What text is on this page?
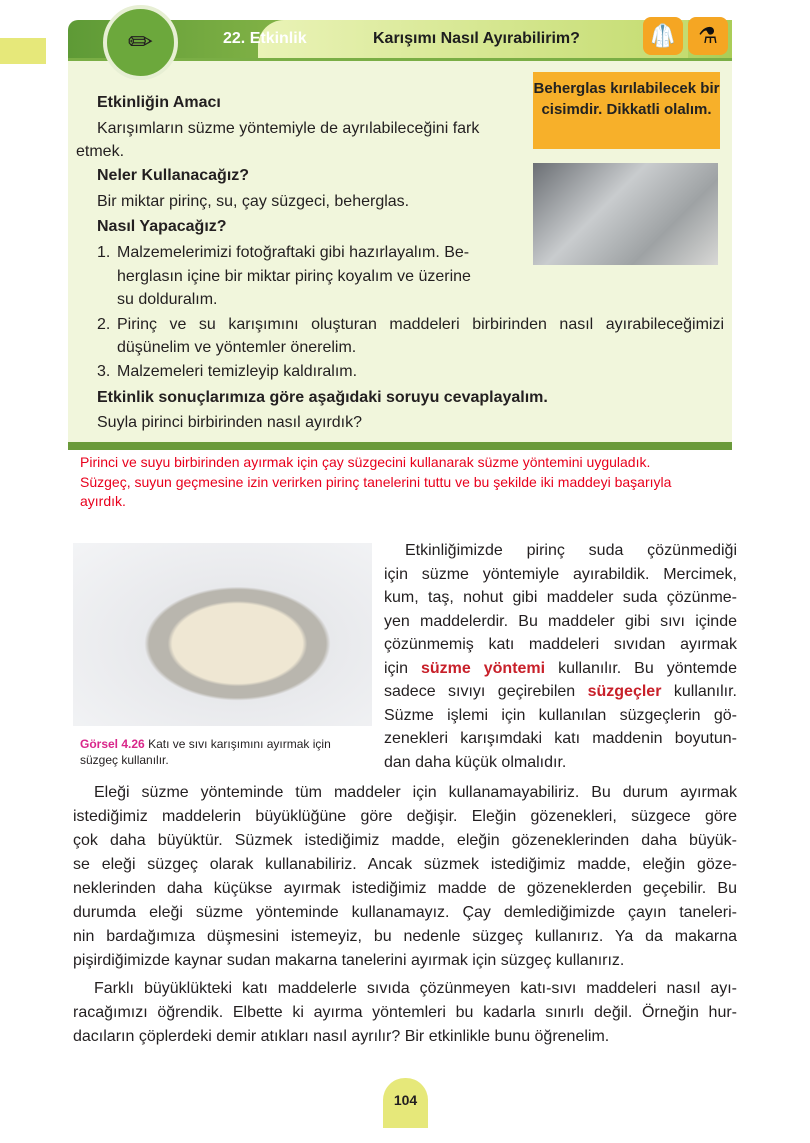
22. Etkinlik	Karışımı Nasıl Ayırabilirim?
✏	🥼 ⚗
Beherglas kırılabilecek bir cisimdir. Dikkatli olalım.
Etkinliğin Amacı
Karışımların süzme yöntemiyle de ayrılabileceğini fark
etmek.
Neler Kullanacağız?
Bir miktar pirinç, su, çay süzgeci, beherglas.
Nasıl Yapacağız?
1. Malzemelerimizi fotoğraftaki gibi hazırlayalım. Be-
herglasın içine bir miktar pirinç koyalım ve üzerine
su dolduralım.
2. Pirinç ve su karışımını oluşturan maddeleri birbirinden nasıl ayırabileceğimizi
düşünelim ve yöntemler önerelim.
3. Malzemeleri temizleyip kaldıralım.
Etkinlik sonuçlarımıza göre aşağıdaki soruyu cevaplayalım.
Suyla pirinci birbirinden nasıl ayırdık?
Pirinci ve suyu birbirinden ayırmak için çay süzgecini kullanarak süzme yöntemini uyguladık.
Süzgeç, suyun geçmesine izin verirken pirinç tanelerini tuttu ve bu şekilde iki maddeyi başarıyla
ayırdık.
Görsel 4.26 Katı ve sıvı karışımını ayırmak için
süzgeç kullanılır.
Etkinliğimizde pirinç suda çözünmediği
için süzme yöntemiyle ayırabildik. Mercimek,
kum, taş, nohut gibi maddeler suda çözünme-
yen maddelerdir. Bu maddeler gibi sıvı içinde
çözünmemiş katı maddeleri sıvıdan ayırmak
için süzme yöntemi kullanılır. Bu yöntemde
sadece sıvıyı geçirebilen süzgeçler kullanılır.
Süzme işlemi için kullanılan süzgeçlerin gö-
zenekleri karışımdaki katı maddenin boyutun-
dan daha küçük olmalıdır.
Eleği süzme yönteminde tüm maddeler için kullanamayabiliriz. Bu durum ayırmak
istediğimiz maddelerin büyüklüğüne göre değişir. Eleğin gözenekleri, süzgece göre
çok daha büyüktür. Süzmek istediğimiz madde, eleğin gözeneklerinden daha büyük-
se eleği süzgeç olarak kullanabiliriz. Ancak süzmek istediğimiz madde, eleğin göze-
neklerinden daha küçükse ayırmak istediğimiz madde de gözeneklerden geçebilir. Bu
durumda eleği süzme yönteminde kullanamayız. Çay demlediğimizde çayın taneleri-
nin bardağımıza düşmesini istemeyiz, bu nedenle süzgeç kullanırız. Ya da makarna
pişirdiğimizde kaynar sudan makarna tanelerini ayırmak için süzgeç kullanırız.
Farklı büyüklükteki katı maddelerle sıvıda çözünmeyen katı-sıvı maddeleri nasıl ayı-
racağımızı öğrendik. Elbette ki ayırma yöntemleri bu kadarla sınırlı değil. Örneğin hur-
dacıların çöplerdeki demir atıkları nasıl ayrılır? Bir etkinlikle bunu öğrenelim.
104
